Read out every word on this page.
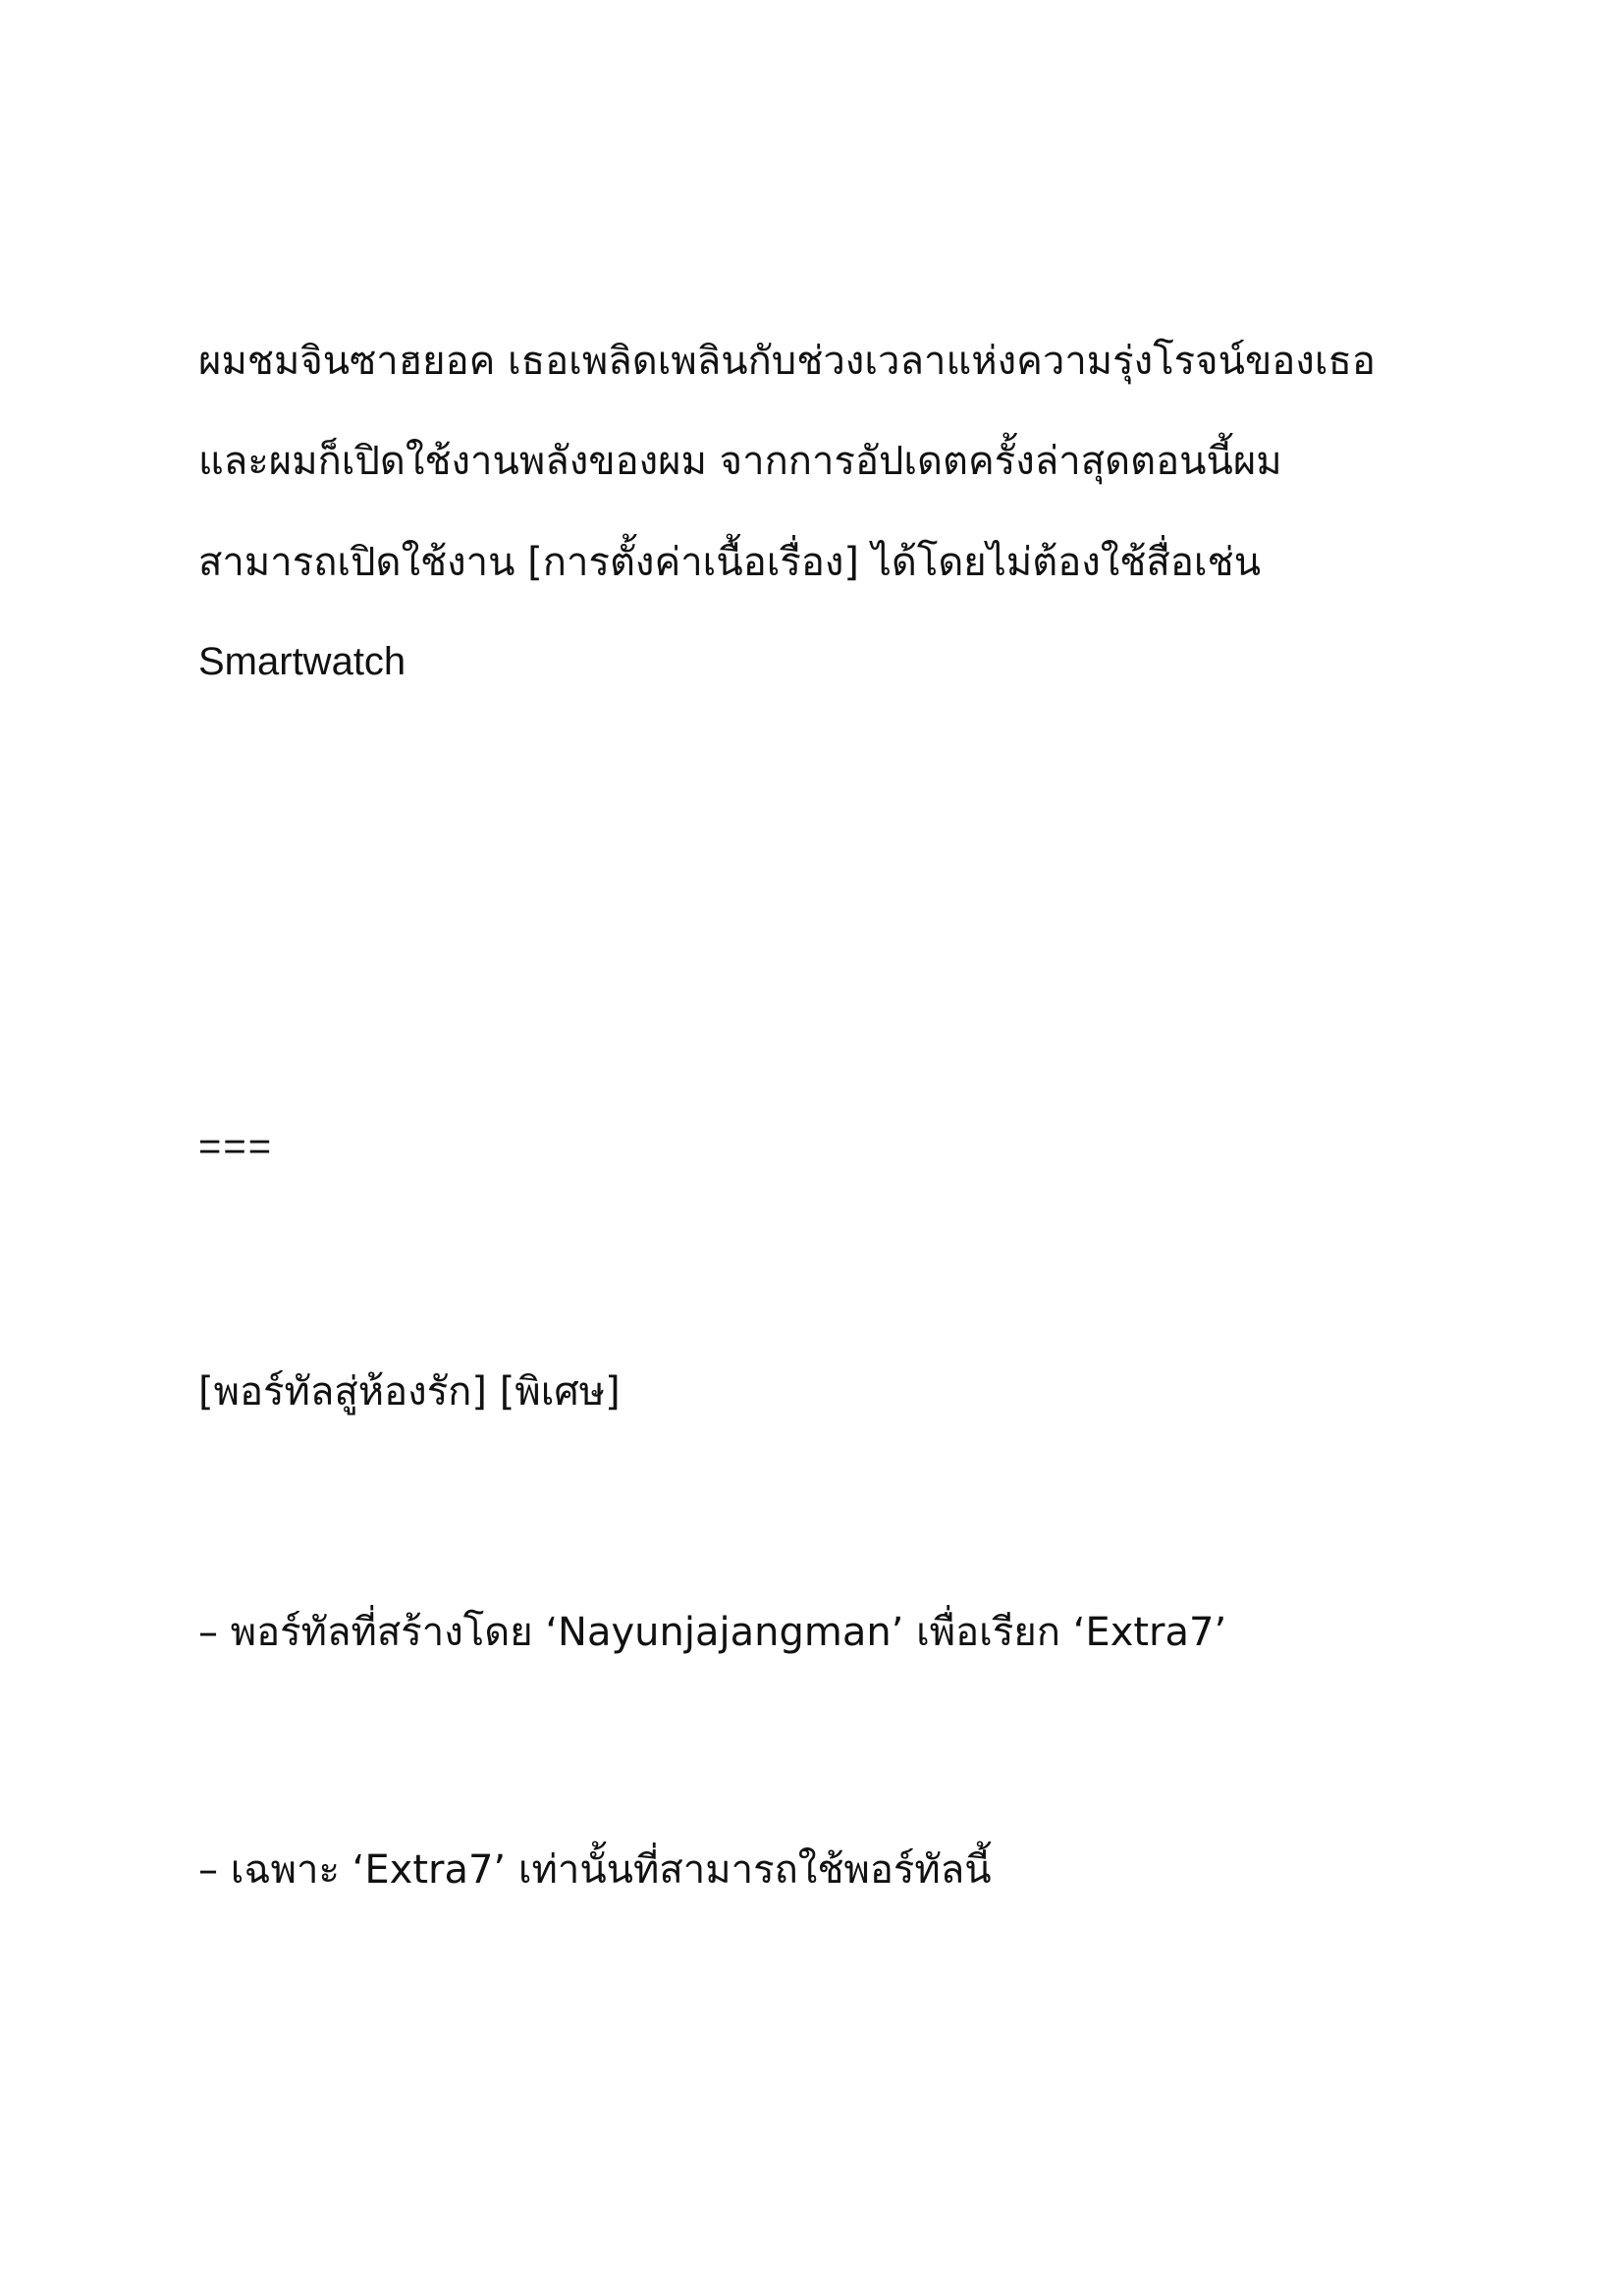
ผมชมจินซาฮยอค เธอเพลิดเพลินกับช่วงเวลาแห่งความรุ่งโรจน์ของเธอ
และผมก็เปิดใช้งานพลังของผม จากการอัปเดตครั้งล่าสุดตอนนี้ผม
สามารถเปิดใช้งาน [การตั้งค่าเนื้อเรื่อง] ได้โดยไม่ต้องใช้สื่อเช่น
Smartwatch
===
[พอร์ทัลสู่ห้องรัก] [พิเศษ]
– พอร์ทัลที่สร้างโดย ‘Nayunjajangman’ เพื่อเรียก ‘Extra7’
– เฉพาะ ‘Extra7’ เท่านั้นที่สามารถใช้พอร์ทัลนี้
